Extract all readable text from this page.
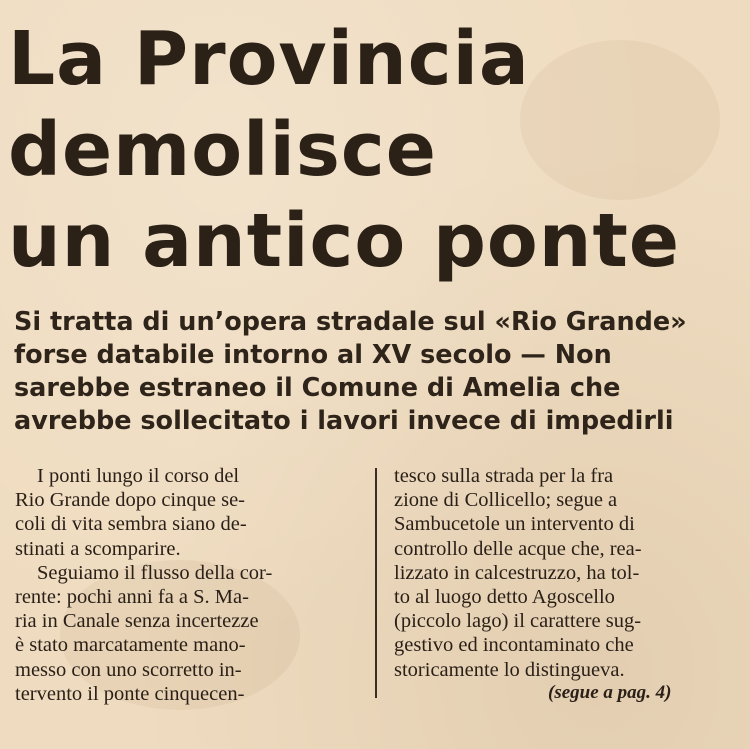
La Provincia
demolisce
un antico ponte
Si tratta di un’opera stradale sul «Rio Grande»
forse databile intorno al XV secolo — Non
sarebbe estraneo il Comune di Amelia che
avrebbe sollecitato i lavori invece di impedirli
I ponti lungo il corso del
Rio Grande dopo cinque se-
coli di vita sembra siano de-
stinati a scomparire.
Seguiamo il flusso della cor-
rente: pochi anni fa a S. Ma-
ria in Canale senza incertezze
è stato marcatamente mano-
messo con uno scorretto in-
tervento il ponte cinquecen-
tesco sulla strada per la fra
zione di Collicello; segue a
Sambucetole un intervento di
controllo delle acque che, rea-
lizzato in calcestruzzo, ha tol-
to al luogo detto Agoscello
(piccolo lago) il carattere sug-
gestivo ed incontaminato che
storicamente lo distingueva.
(segue a pag. 4)
